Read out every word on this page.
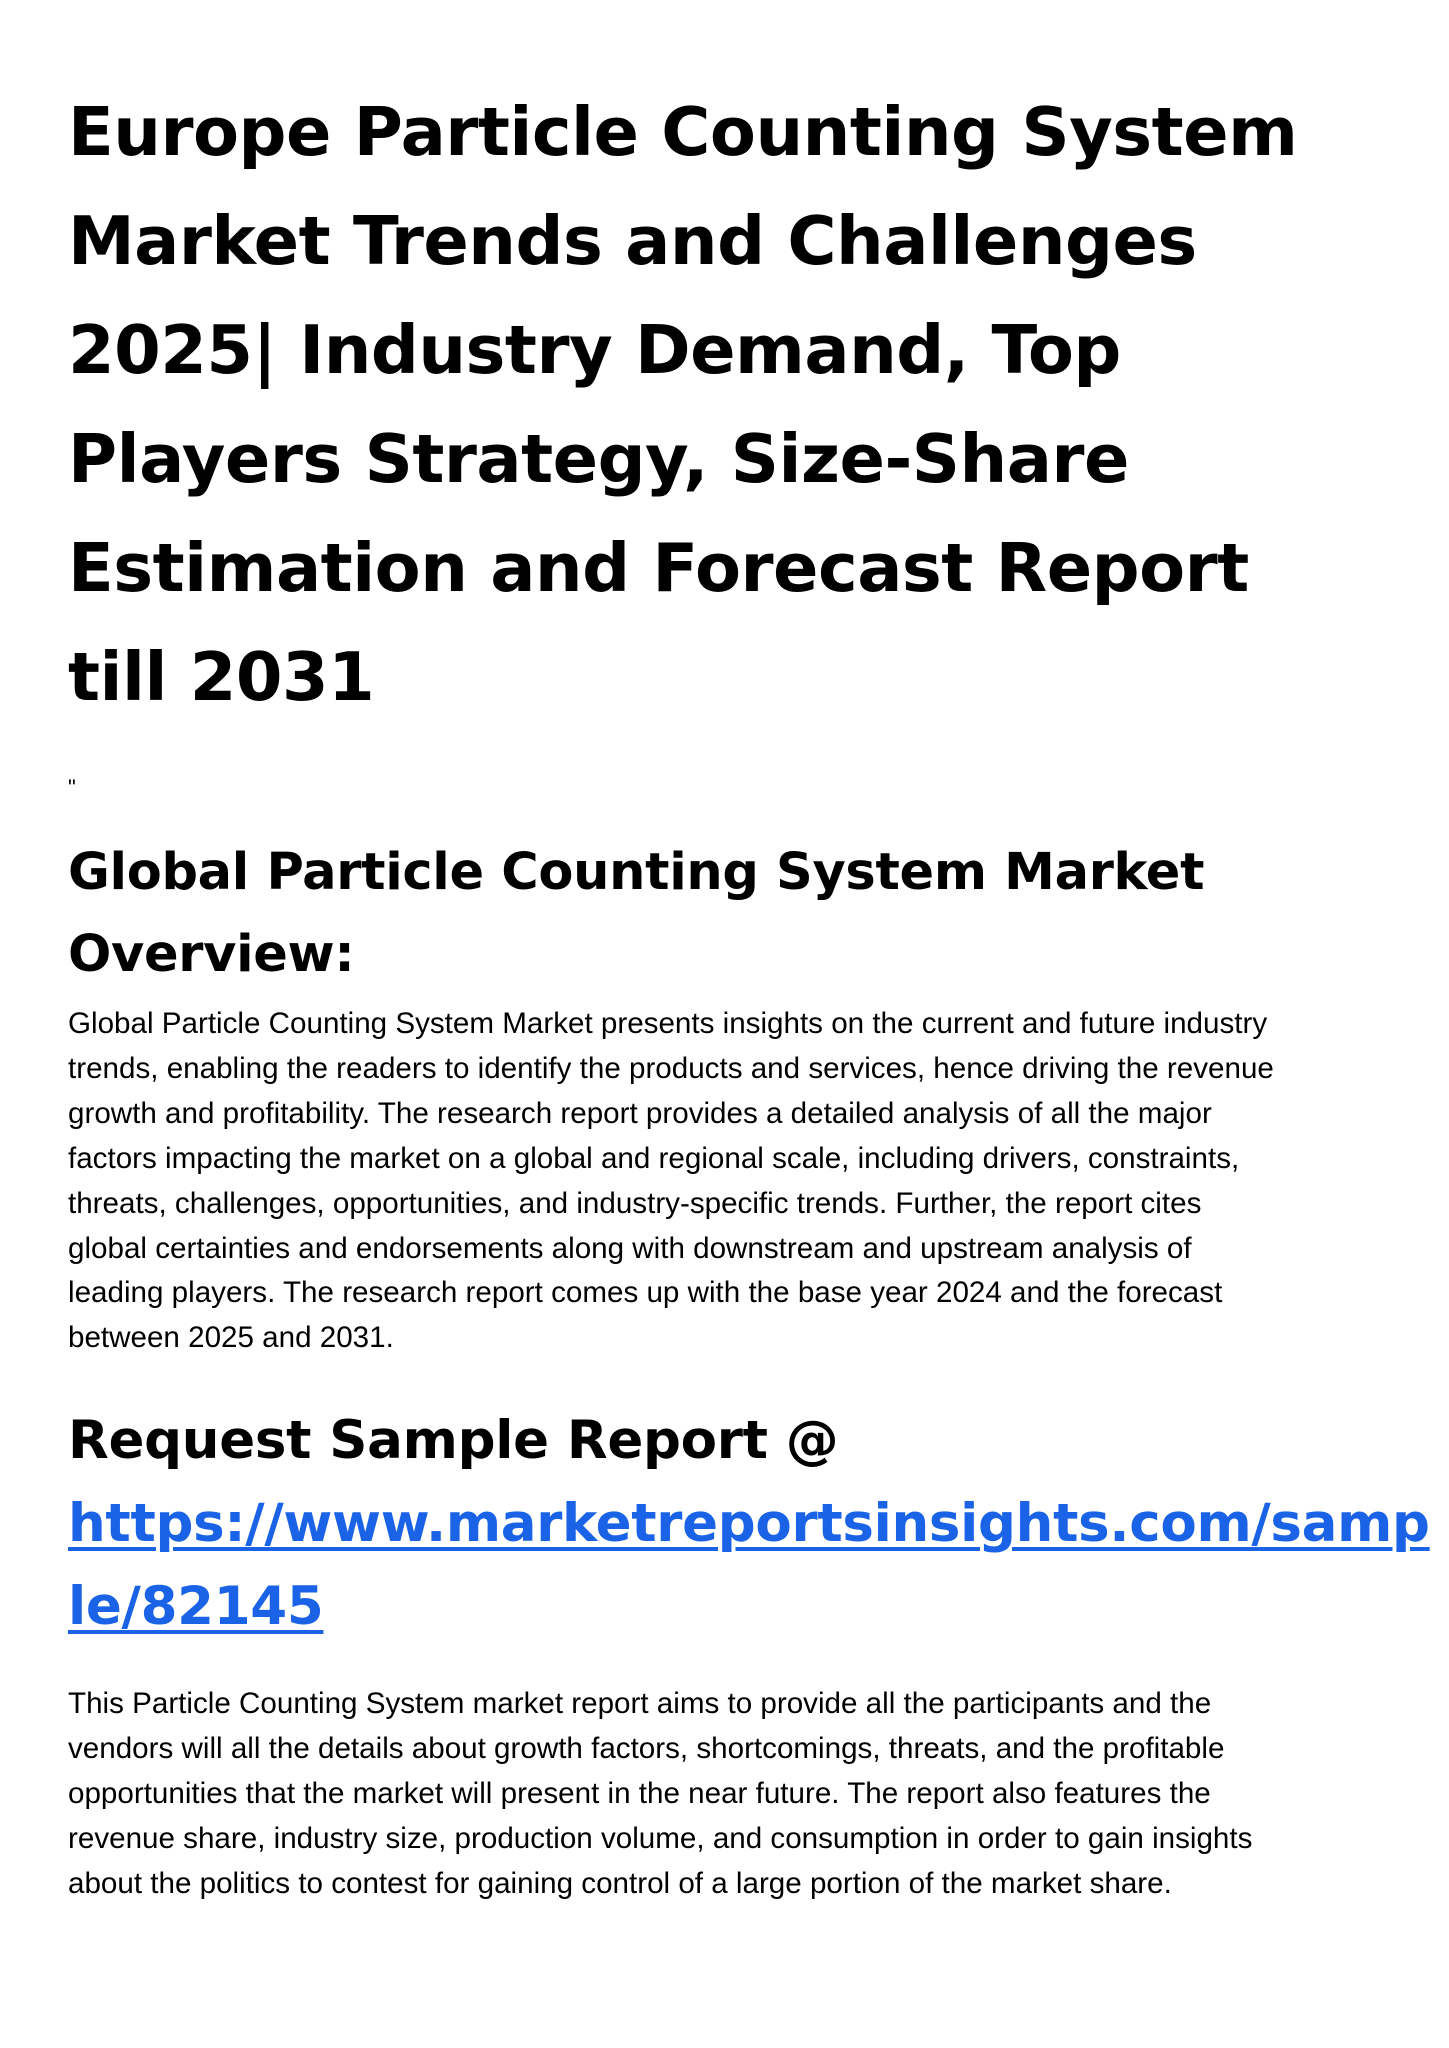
Europe Particle Counting System
Market Trends and Challenges
2025| Industry Demand, Top
Players Strategy, Size-Share
Estimation and Forecast Report
till 2031
"
Global Particle Counting System Market Overview:

Global Particle Counting System Market presents insights on the current and future industry
trends, enabling the readers to identify the products and services, hence driving the revenue
growth and profitability. The research report provides a detailed analysis of all the major
factors impacting the market on a global and regional scale, including drivers, constraints,
threats, challenges, opportunities, and industry-specific trends. Further, the report cites
global certainties and endorsements along with downstream and upstream analysis of
leading players. The research report comes up with the base year 2024 and the forecast
between 2025 and 2031.

Request Sample Report @
https://www.marketreportsinsights.com/samp
le/82145

This Particle Counting System market report aims to provide all the participants and the
vendors will all the details about growth factors, shortcomings, threats, and the profitable
opportunities that the market will present in the near future. The report also features the
revenue share, industry size, production volume, and consumption in order to gain insights
about the politics to contest for gaining control of a large portion of the market share.
